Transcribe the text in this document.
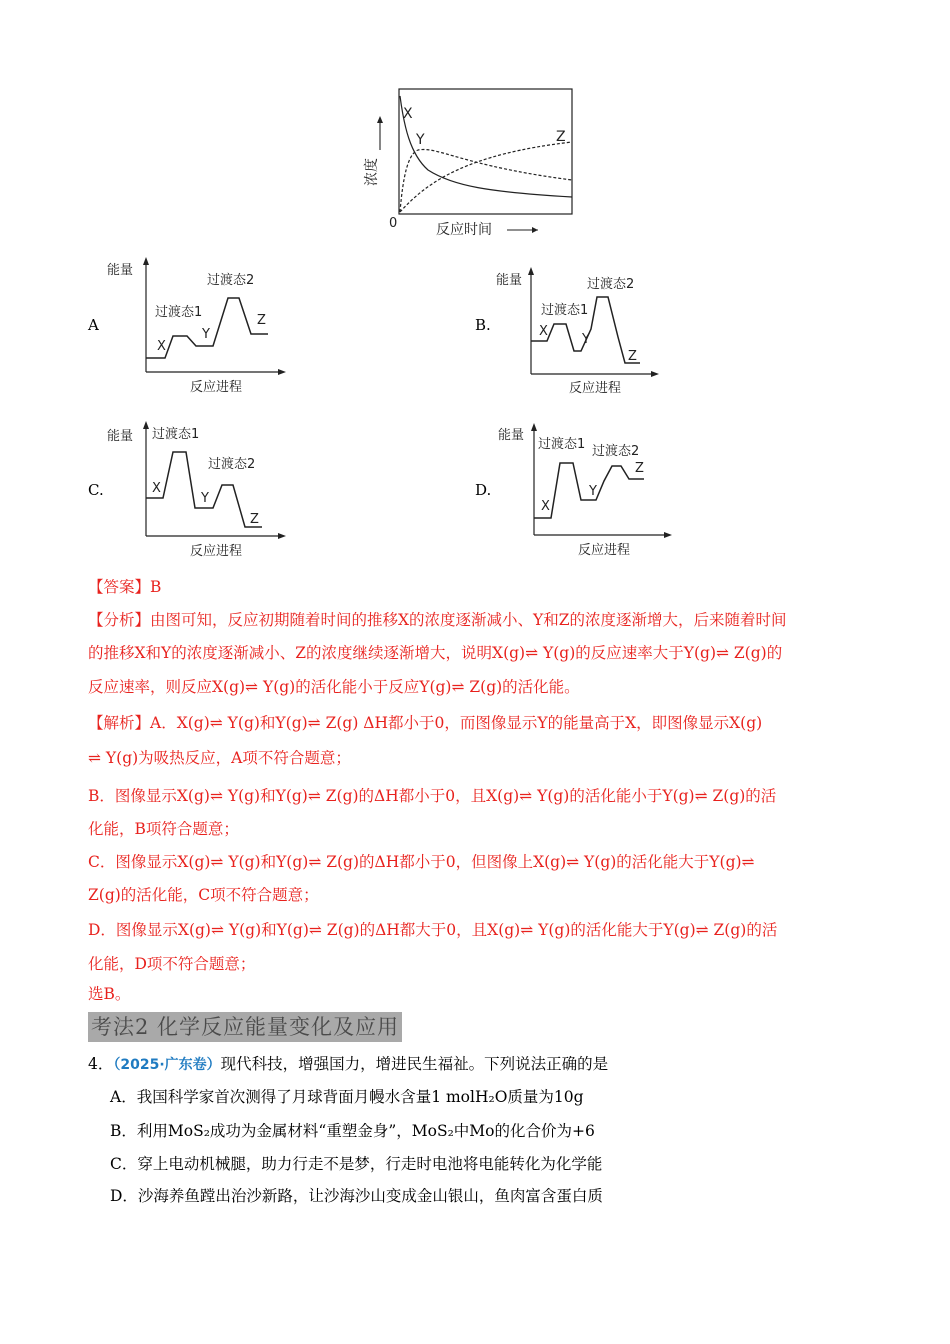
X
Y	Z
0	反应时间
浓度
A
能量
过渡态1
过渡态2
X
Y
Z
反应进程
B.
能量
过渡态1
过渡态2
X
Y
Z
反应进程
C.
能量 过渡态1
过渡态2
X
Y
Z
反应进程
D.
能量
过渡态1 过渡态2
X
Y
Z
反应进程
【答案】B
【分析】由图可知，反应初期随着时间的推移X的浓度逐渐减小、Y和Z的浓度逐渐增大，后来随着时间
的推移X和Y的浓度逐渐减小、Z的浓度继续逐渐增大，说明X(g)⇌ Y(g)的反应速率大于Y(g)⇌ Z(g)的
反应速率，则反应X(g)⇌ Y(g)的活化能小于反应Y(g)⇌ Z(g)的活化能。
【解析】A．X(g)⇌ Y(g)和Y(g)⇌ Z(g) ΔH都小于0，而图像显示Y的能量高于X，即图像显示X(g)
⇌ Y(g)为吸热反应，A项不符合题意；
B．图像显示X(g)⇌ Y(g)和Y(g)⇌ Z(g)的ΔH都小于0，且X(g)⇌ Y(g)的活化能小于Y(g)⇌ Z(g)的活
化能，B项符合题意；
C．图像显示X(g)⇌ Y(g)和Y(g)⇌ Z(g)的ΔH都小于0，但图像上X(g)⇌ Y(g)的活化能大于Y(g)⇌
Z(g)的活化能，C项不符合题意；
D．图像显示X(g)⇌ Y(g)和Y(g)⇌ Z(g)的ΔH都大于0，且X(g)⇌ Y(g)的活化能大于Y(g)⇌ Z(g)的活
化能，D项不符合题意；
选B。
考法2 化学反应能量变化及应用
4．（2025·广东卷）现代科技，增强国力，增进民生福祉。下列说法正确的是
A．我国科学家首次测得了月球背面月幔水含量1 molH₂O质量为10g
B．利用MoS₂成功为金属材料“重塑金身”，MoS₂中Mo的化合价为+6
C．穿上电动机械腿，助力行走不是梦，行走时电池将电能转化为化学能
D．沙海养鱼蹚出治沙新路，让沙海沙山变成金山银山，鱼肉富含蛋白质
